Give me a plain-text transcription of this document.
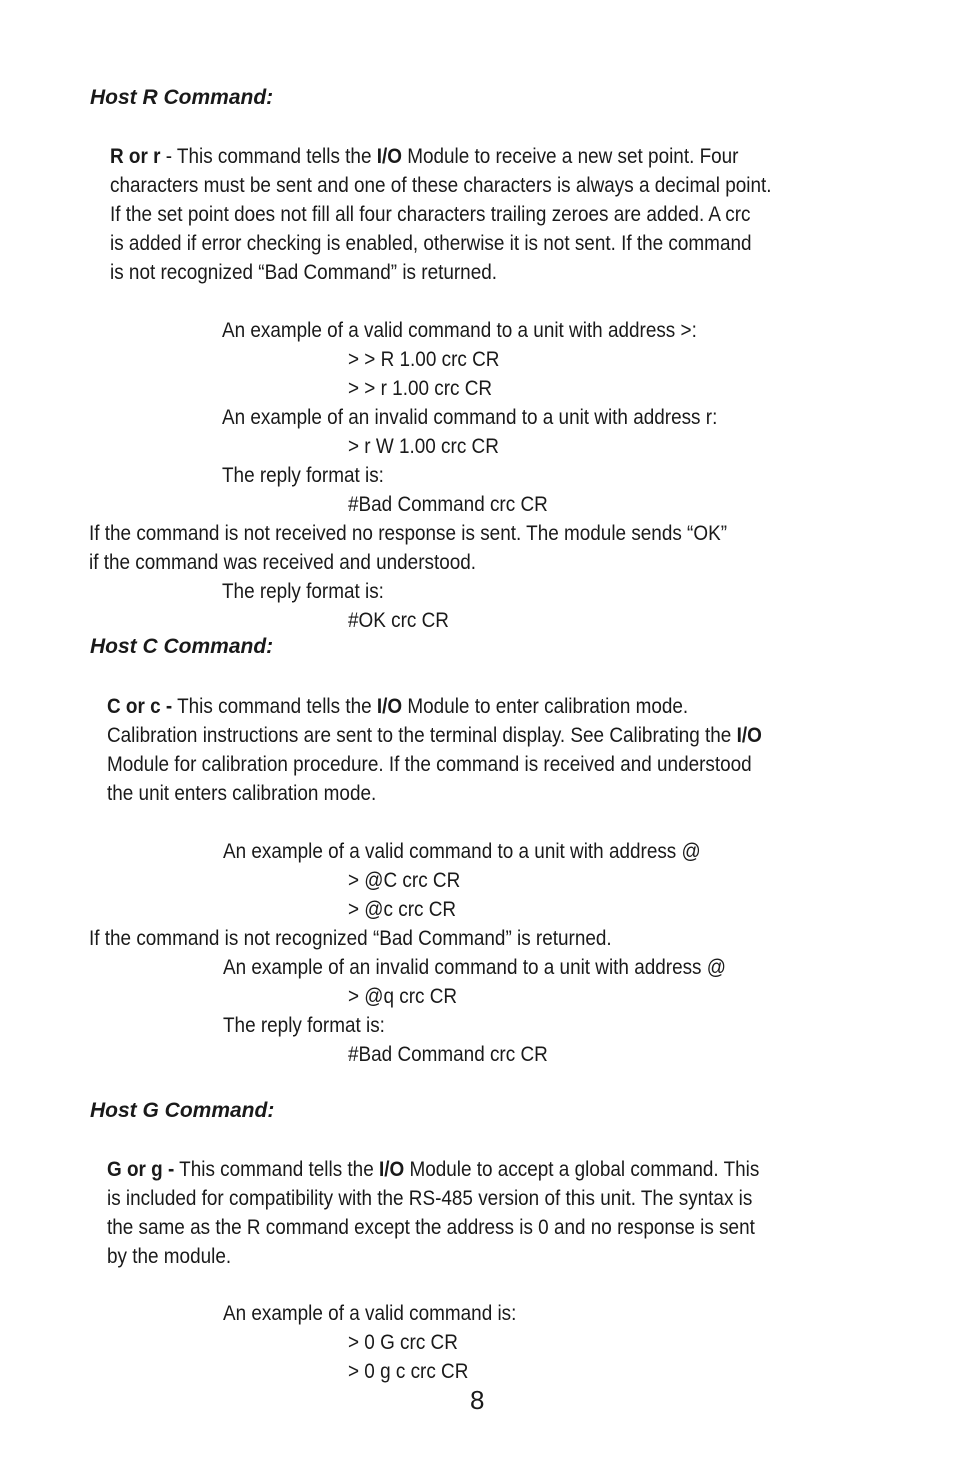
Host R Command:
R or r - This command tells the I/O Module to receive a new set point. Four
characters must be sent and one of these characters is always a decimal point.
If the set point does not fill all four characters trailing zeroes are added. A crc
is added if error checking is enabled, otherwise it is not sent. If the command
is not recognized “Bad Command” is returned.
An example of a valid command to a unit with address >:
> > R 1.00 crc CR
> > r 1.00 crc CR
An example of an invalid command to a unit with address r:
> r W 1.00 crc CR
The reply format is:
#Bad Command crc CR
If the command is not received no response is sent. The module sends “OK”
if the command was received and understood.
The reply format is:
#OK crc CR
Host C Command:
C or c - This command tells the I/O Module to enter calibration mode.
Calibration instructions are sent to the terminal display. See Calibrating the I/O
Module for calibration procedure. If the command is received and understood
the unit enters calibration mode.
An example of a valid command to a unit with address @
> @C crc CR
> @c crc CR
If the command is not recognized “Bad Command” is returned.
An example of an invalid command to a unit with address @
> @q crc CR
The reply format is:
#Bad Command crc CR
Host G Command:
G or g - This command tells the I/O Module to accept a global command. This
is included for compatibility with the RS-485 version of this unit. The syntax is
the same as the R command except the address is 0 and no response is sent
by the module.
An example of a valid command is:
> 0 G crc CR
> 0 g c crc CR
8
